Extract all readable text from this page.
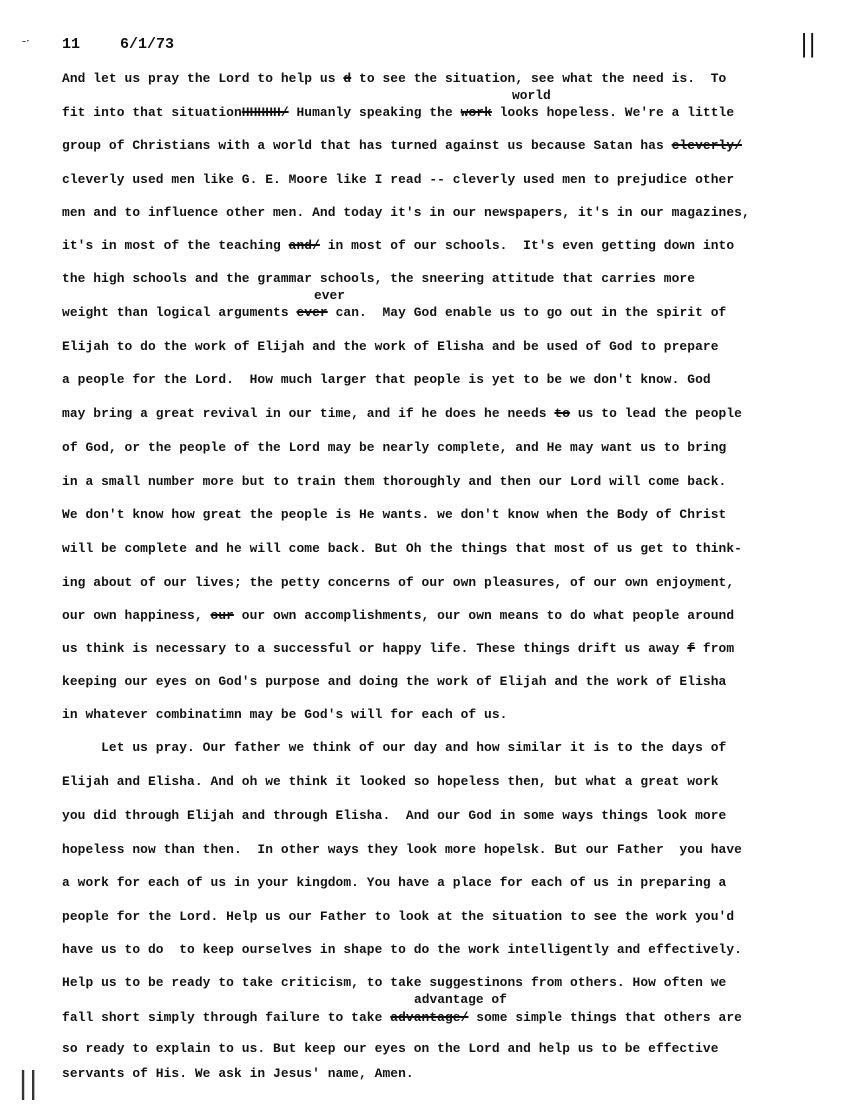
-· 11	6/1/73	||
world
ever
advantage of
And let us pray the Lord to help us d to see the situation, see what the need is.  To
fit into that situationHHHHH/ Humanly speaking the work looks hopeless. We're a little
group of Christians with a world that has turned against us because Satan has cleverly/
cleverly used men like G. E. Moore like I read -- cleverly used men to prejudice other
men and to influence other men. And today it's in our newspapers, it's in our magazines,
it's in most of the teaching and/ in most of our schools.  It's even getting down into
the high schools and the grammar schools, the sneering attitude that carries more
weight than logical arguments ever can.  May God enable us to go out in the spirit of
Elijah to do the work of Elijah and the work of Elisha and be used of God to prepare
a people for the Lord.  How much larger that people is yet to be we don't know. God
may bring a great revival in our time, and if he does he needs to us to lead the people
of God, or the people of the Lord may be nearly complete, and He may want us to bring
in a small number more but to train them thoroughly and then our Lord will come back.
We don't know how great the people is He wants. we don't know when the Body of Christ
will be complete and he will come back. But Oh the things that most of us get to think-
ing about of our lives; the petty concerns of our own pleasures, of our own enjoyment,
our own happiness, our our own accomplishments, our own means to do what people around
us think is necessary to a successful or happy life. These things drift us away f from
keeping our eyes on God's purpose and doing the work of Elijah and the work of Elisha
in whatever combinatimn may be God's will for each of us.
Let us pray. Our father we think of our day and how similar it is to the days of
Elijah and Elisha. And oh we think it looked so hopeless then, but what a great work
you did through Elijah and through Elisha.  And our God in some ways things look more
hopeless now than then.  In other ways they look more hopelsk. But our Father  you have
a work for each of us in your kingdom. You have a place for each of us in preparing a
people for the Lord. Help us our Father to look at the situation to see the work you'd
have us to do  to keep ourselves in shape to do the work intelligently and effectively.
Help us to be ready to take criticism, to take suggestinons from others. How often we
fall short simply through failure to take advantage/ some simple things that others are
so ready to explain to us. But keep our eyes on the Lord and help us to be effective
servants of His. We ask in Jesus' name, Amen.
||
